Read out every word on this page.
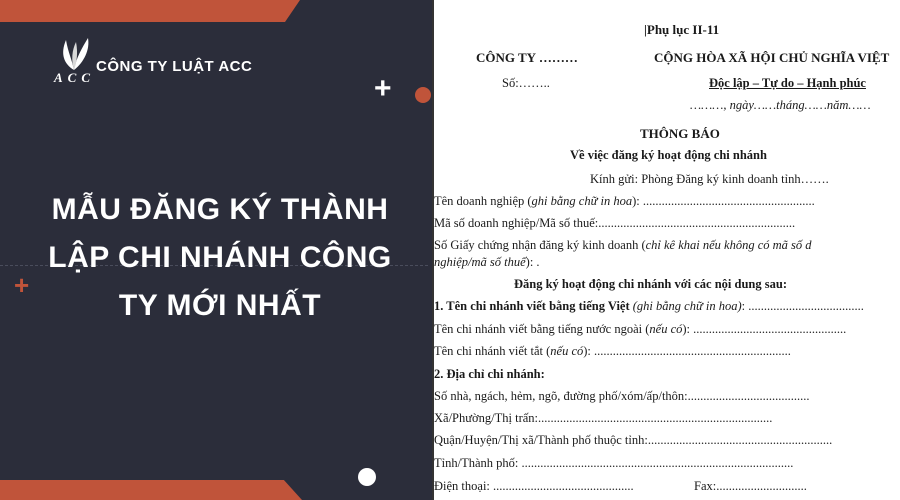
ACC
CÔNG TY LUẬT ACC
+
+
MẪU ĐĂNG KÝ THÀNH LẬP CHI NHÁNH CÔNG TY MỚI NHẤT
|Phụ lục II-11
CÔNG TY ………	CỘNG HÒA XÃ HỘI CHỦ NGHĨA VIỆT
Số:……..	Độc lập – Tự do – Hạnh phúc
………, ngày……tháng……năm……
THÔNG BÁO
Về việc đăng ký hoạt động chi nhánh
Kính gửi: Phòng Đăng ký kinh doanh tỉnh…….
Tên doanh nghiệp (ghi bằng chữ in hoa): .......................................................
Mã số doanh nghiệp/Mã số thuế:...............................................................
Số Giấy chứng nhận đăng ký kinh doanh (chỉ kê khai nếu không có mã số d
nghiệp/mã số thuế): .
Đăng ký hoạt động chi nhánh với các nội dung sau:
1. Tên chi nhánh viết bằng tiếng Việt (ghi bằng chữ in hoa): .....................................
Tên chi nhánh viết bằng tiếng nước ngoài (nếu có): .................................................
Tên chi nhánh viết tắt (nếu có): ...............................................................
2. Địa chỉ chi nhánh:
Số nhà, ngách, hẻm, ngõ, đường phố/xóm/ấp/thôn:.......................................
Xã/Phường/Thị trấn:...........................................................................
Quận/Huyện/Thị xã/Thành phố thuộc tỉnh:...........................................................
Tỉnh/Thành phố: .......................................................................................
Điện thoại: .............................................	Fax:.............................
